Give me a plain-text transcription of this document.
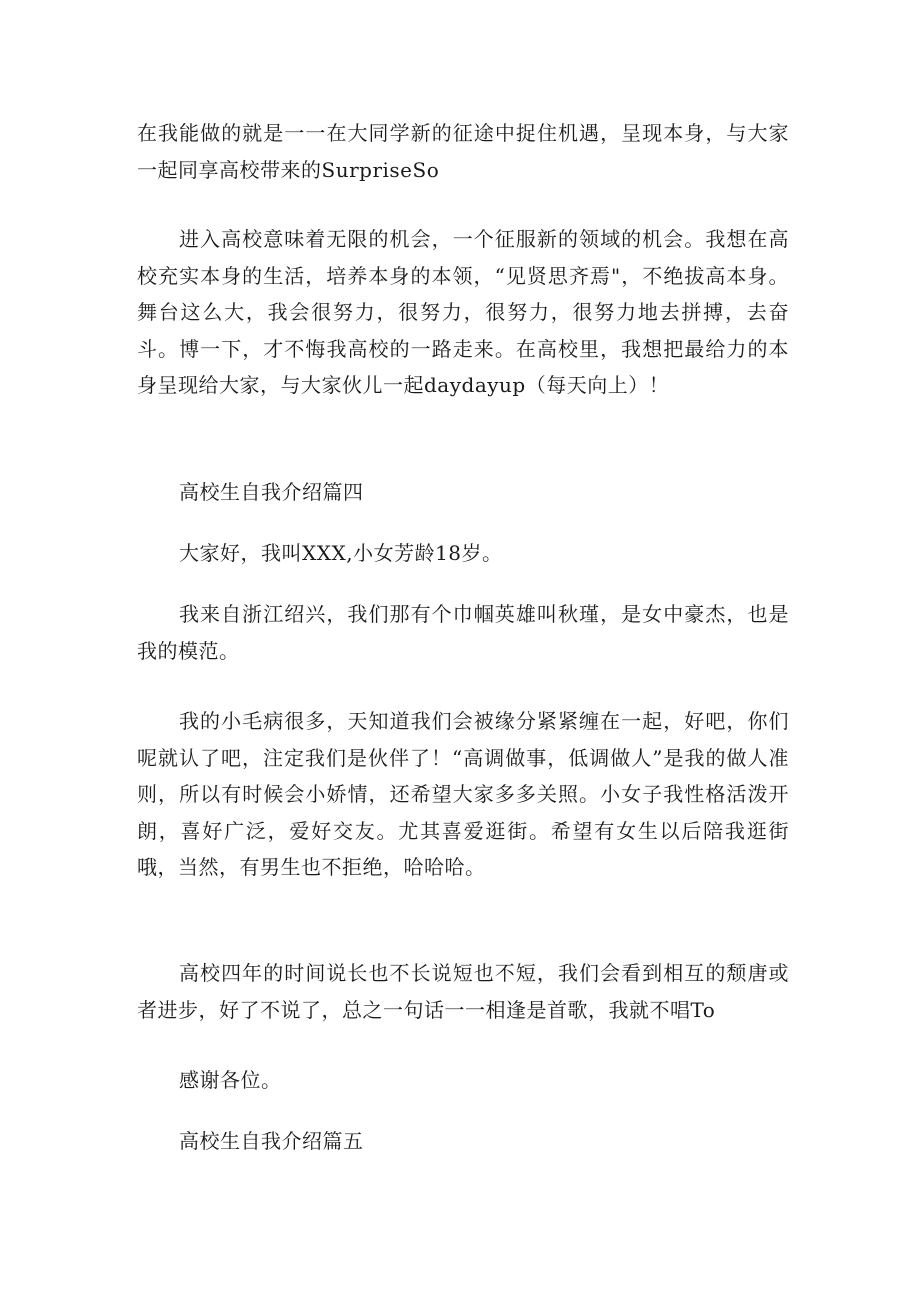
在我能做的就是一一在大同学新的征途中捉住机遇，呈现本身，与大家一起同享高校带来的SurpriseSo

进入高校意味着无限的机会，一个征服新的领域的机会。我想在高校充实本身的生活，培养本身的本领，“见贤思齐焉"，不绝拔高本身。舞台这么大，我会很努力，很努力，很努力，很努力地去拼搏，去奋斗。博一下，才不悔我高校的一路走来。在高校里，我想把最给力的本身呈现给大家，与大家伙儿一起daydayup（每天向上）！

高校生自我介绍篇四

大家好，我叫XXX,小女芳龄18岁。

我来自浙江绍兴，我们那有个巾帼英雄叫秋瑾，是女中豪杰，也是我的模范。

我的小毛病很多，天知道我们会被缘分紧紧缠在一起，好吧，你们呢就认了吧，注定我们是伙伴了！“高调做事，低调做人”是我的做人准则，所以有时候会小娇情，还希望大家多多关照。小女子我性格活泼开朗，喜好广泛，爱好交友。尤其喜爱逛街。希望有女生以后陪我逛街哦，当然，有男生也不拒绝，哈哈哈。

高校四年的时间说长也不长说短也不短，我们会看到相互的颓唐或者进步，好了不说了，总之一句话一一相逢是首歌，我就不唱To

感谢各位。

高校生自我介绍篇五
